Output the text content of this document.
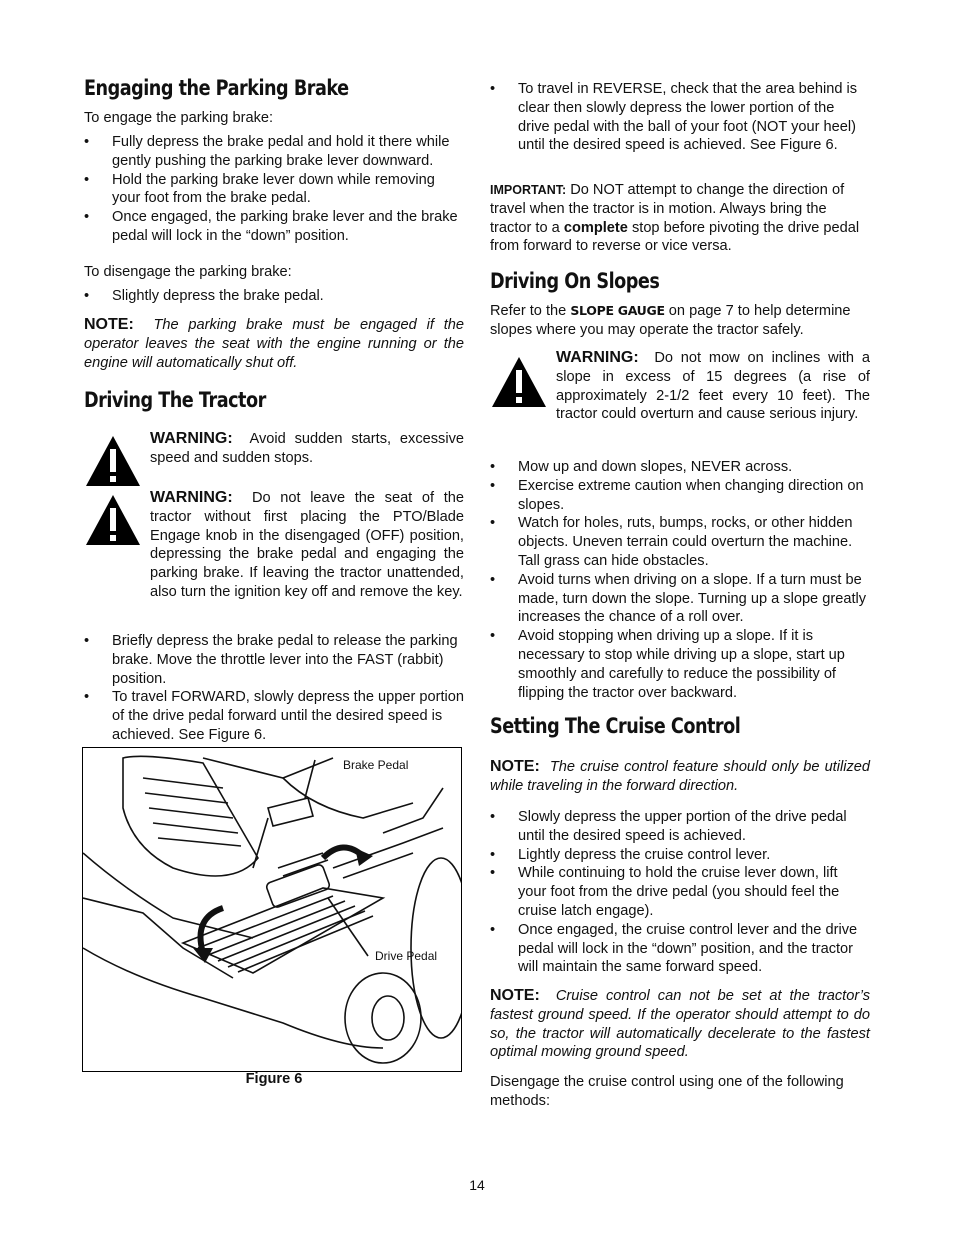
Engaging the Parking Brake

To engage the parking brake:

• Fully depress the brake pedal and hold it there while gently pushing the parking brake lever downward.
• Hold the parking brake lever down while removing your foot from the brake pedal.
• Once engaged, the parking brake lever and the brake pedal will lock in the “down” position.

To disengage the parking brake:

• Slightly depress the brake pedal.

NOTE: The parking brake must be engaged if the operator leaves the seat with the engine running or the engine will automatically shut off.

Driving The Tractor
WARNING: Avoid sudden starts, excessive speed and sudden stops.
WARNING: Do not leave the seat of the tractor without first placing the PTO/Blade Engage knob in the disengaged (OFF) position, depressing the brake pedal and engaging the parking brake. If leaving the tractor unattended, also turn the ignition key off and remove the key.
• Briefly depress the brake pedal to release the parking brake. Move the throttle lever into the FAST (rabbit) position.
• To travel FORWARD, slowly depress the upper portion of the drive pedal forward until the desired speed is achieved. See Figure 6.
Brake Pedal
Drive Pedal
Figure 6
• To travel in REVERSE, check that the area behind is clear then slowly depress the lower portion of the drive pedal with the ball of your foot (NOT your heel) until the desired speed is achieved. See Figure 6.

IMPORTANT: Do NOT attempt to change the direction of travel when the tractor is in motion. Always bring the tractor to a complete stop before pivoting the drive pedal from forward to reverse or vice versa.

Driving On Slopes

Refer to the SLOPE GAUGE on page 7 to help determine slopes where you may operate the tractor safely.

WARNING: Do not mow on inclines with a slope in excess of 15 degrees (a rise of approximately 2-1/2 feet every 10 feet). The tractor could overturn and cause serious injury.
• Mow up and down slopes, NEVER across.
• Exercise extreme caution when changing direction on slopes.
• Watch for holes, ruts, bumps, rocks, or other hidden objects. Uneven terrain could overturn the machine. Tall grass can hide obstacles.
• Avoid turns when driving on a slope. If a turn must be made, turn down the slope. Turning up a slope greatly increases the chance of a roll over.
• Avoid stopping when driving up a slope. If it is necessary to stop while driving up a slope, start up smoothly and carefully to reduce the possibility of flipping the tractor over backward.
Setting The Cruise Control

NOTE: The cruise control feature should only be utilized while traveling in the forward direction.

• Slowly depress the upper portion of the drive pedal until the desired speed is achieved.
• Lightly depress the cruise control lever.
• While continuing to hold the cruise lever down, lift your foot from the drive pedal (you should feel the cruise latch engage).
• Once engaged, the cruise control lever and the drive pedal will lock in the “down” position, and the tractor will maintain the same forward speed.

NOTE: Cruise control can not be set at the tractor’s fastest ground speed. If the operator should attempt to do so, the tractor will automatically decelerate to the fastest optimal mowing ground speed.

Disengage the cruise control using one of the following methods:

14
